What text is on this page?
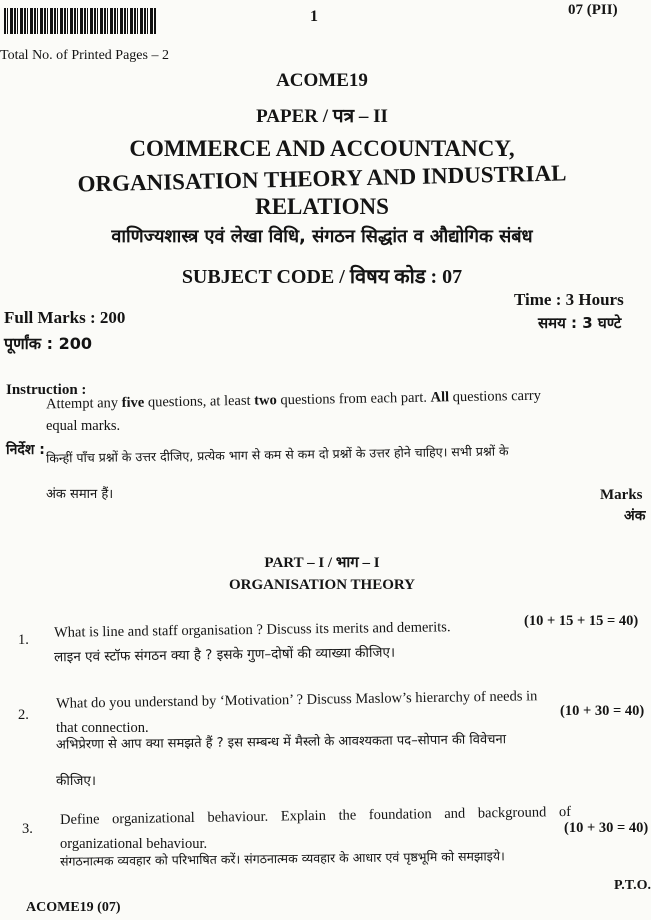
1	07 (PII)
Total No. of Printed Pages – 2
ACOME19
PAPER / पत्र – II
COMMERCE AND ACCOUNTANCY,
ORGANISATION THEORY AND INDUSTRIAL
RELATIONS
वाणिज्यशास्त्र एवं लेखा विधि, संगठन सिद्धांत व औद्योगिक संबंध
SUBJECT CODE / विषय कोड : 07
Full Marks : 200
पूर्णांक : 200
Time : 3 Hours
समय : 3 घण्टे
Instruction :
Attempt any five questions, at least two questions from each part. All questions carry
equal marks.
निर्देश : किन्हीं पाँच प्रश्नों के उत्तर दीजिए, प्रत्येक भाग से कम से कम दो प्रश्नों के उत्तर होने चाहिए। सभी प्रश्नों के
अंक समान हैं।	Marks
अंक
PART – I / भाग – I
ORGANISATION THEORY
1. What is line and staff organisation ? Discuss its merits and demerits.	(10 + 15 + 15 = 40)
लाइन एवं स्टॉफ संगठन क्या है ? इसके गुण–दोषों की व्याख्या कीजिए।
2.
What do you understand by ‘Motivation’ ? Discuss Maslow’s hierarchy of needs in (10 + 30 = 40)
that connection.
अभिप्रेरणा से आप क्या समझते हैं ? इस सम्बन्ध में मैस्लो के आवश्यकता पद–सोपान की विवेचना
कीजिए।
3.
Define organizational behaviour. Explain the foundation and background of
(10 + 30 = 40)
organizational behaviour.
संगठनात्मक व्यवहार को परिभाषित करें। संगठनात्मक व्यवहार के आधार एवं पृष्ठभूमि को समझाइये।
P.T.O.
ACOME19 (07)
